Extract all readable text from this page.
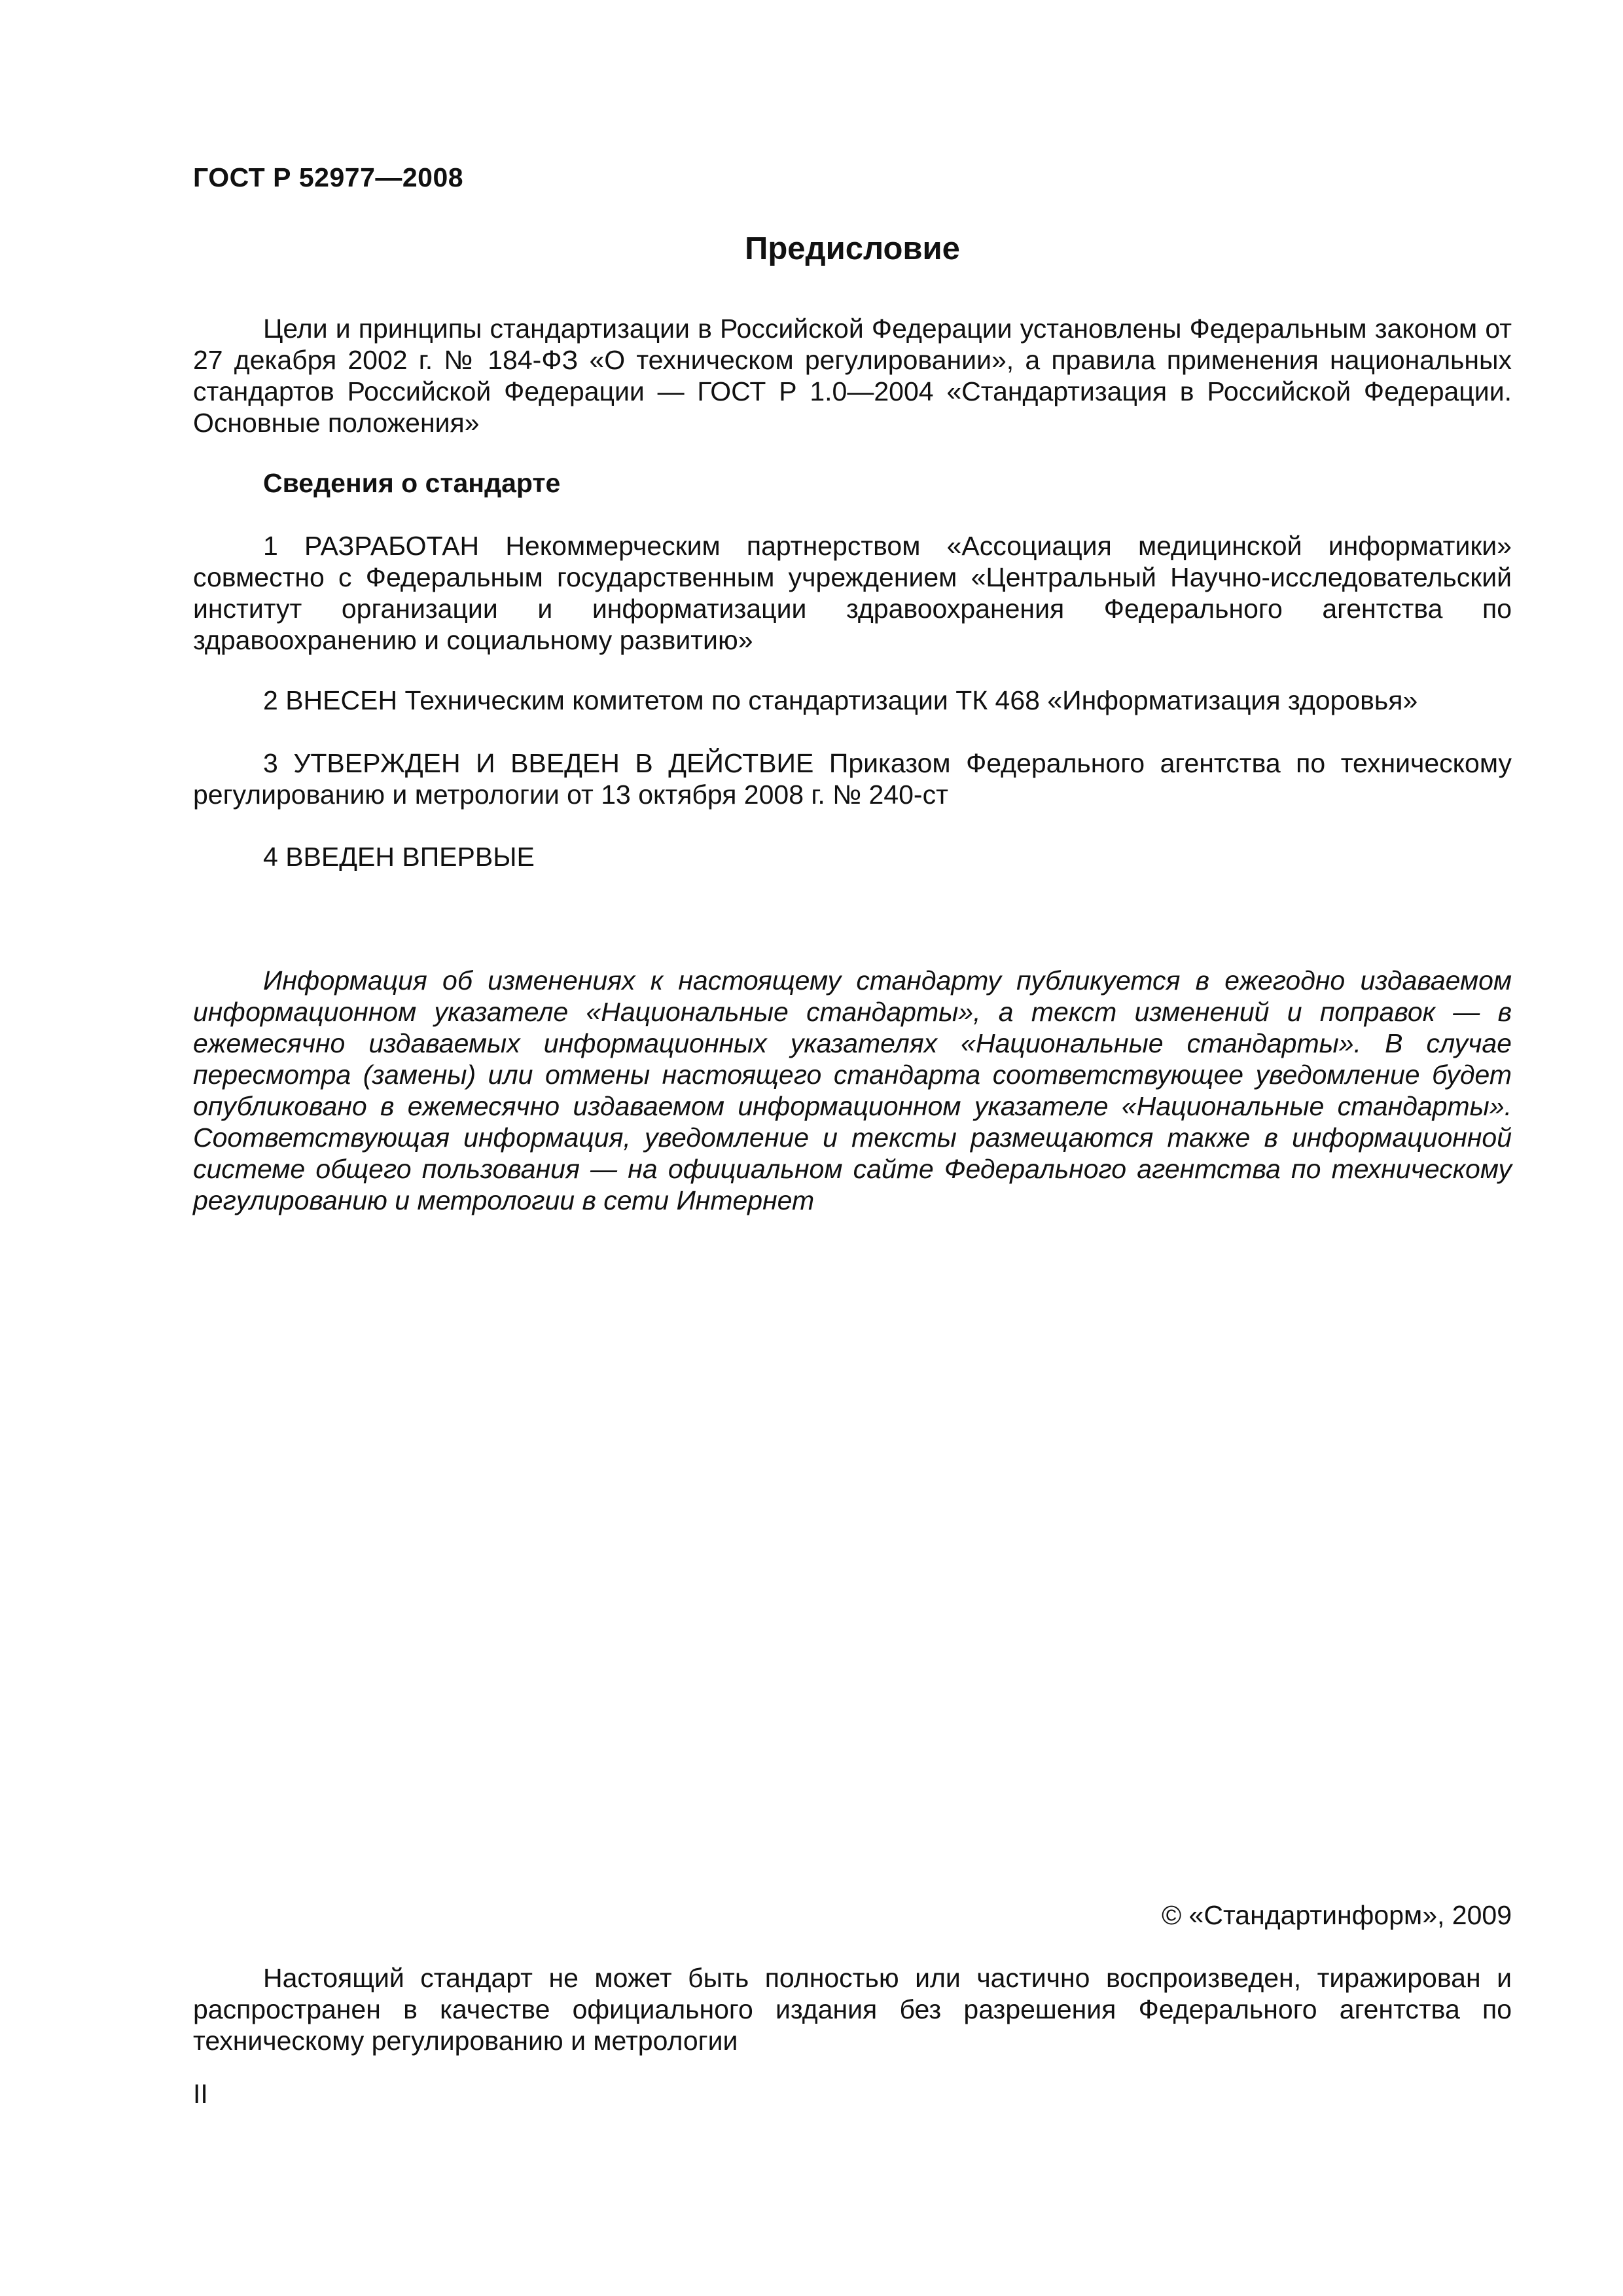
ГОСТ Р 52977—2008

Предисловие

Цели и принципы стандартизации в Российской Федерации установлены Федеральным законом от 27 декабря 2002 г. № 184-ФЗ «О техническом регулировании», а правила применения национальных стандартов Российской Федерации — ГОСТ Р 1.0—2004 «Стандартизация в Российской Федерации. Основные положения»

Сведения о стандарте

1 РАЗРАБОТАН Некоммерческим партнерством «Ассоциация медицинской информатики» совместно с Федеральным государственным учреждением «Центральный Научно-исследовательский институт организации и информатизации здравоохранения Федерального агентства по здравоохранению и социальному развитию»

2 ВНЕСЕН Техническим комитетом по стандартизации ТК 468 «Информатизация здоровья»

3 УТВЕРЖДЕН И ВВЕДЕН В ДЕЙСТВИЕ Приказом Федерального агентства по техническому регулированию и метрологии от 13 октября 2008 г. № 240-ст

4 ВВЕДЕН ВПЕРВЫЕ

Информация об изменениях к настоящему стандарту публикуется в ежегодно издаваемом информационном указателе «Национальные стандарты», а текст изменений и поправок — в ежемесячно издаваемых информационных указателях «Национальные стандарты». В случае пересмотра (замены) или отмены настоящего стандарта соответствующее уведомление будет опубликовано в ежемесячно издаваемом информационном указателе «Национальные стандарты». Соответствующая информация, уведомление и тексты размещаются также в информационной системе общего пользования — на официальном сайте Федерального агентства по техническому регулированию и метрологии в сети Интернет

© «Стандартинформ», 2009

Настоящий стандарт не может быть полностью или частично воспроизведен, тиражирован и распространен в качестве официального издания без разрешения Федерального агентства по техническому регулированию и метрологии

II
